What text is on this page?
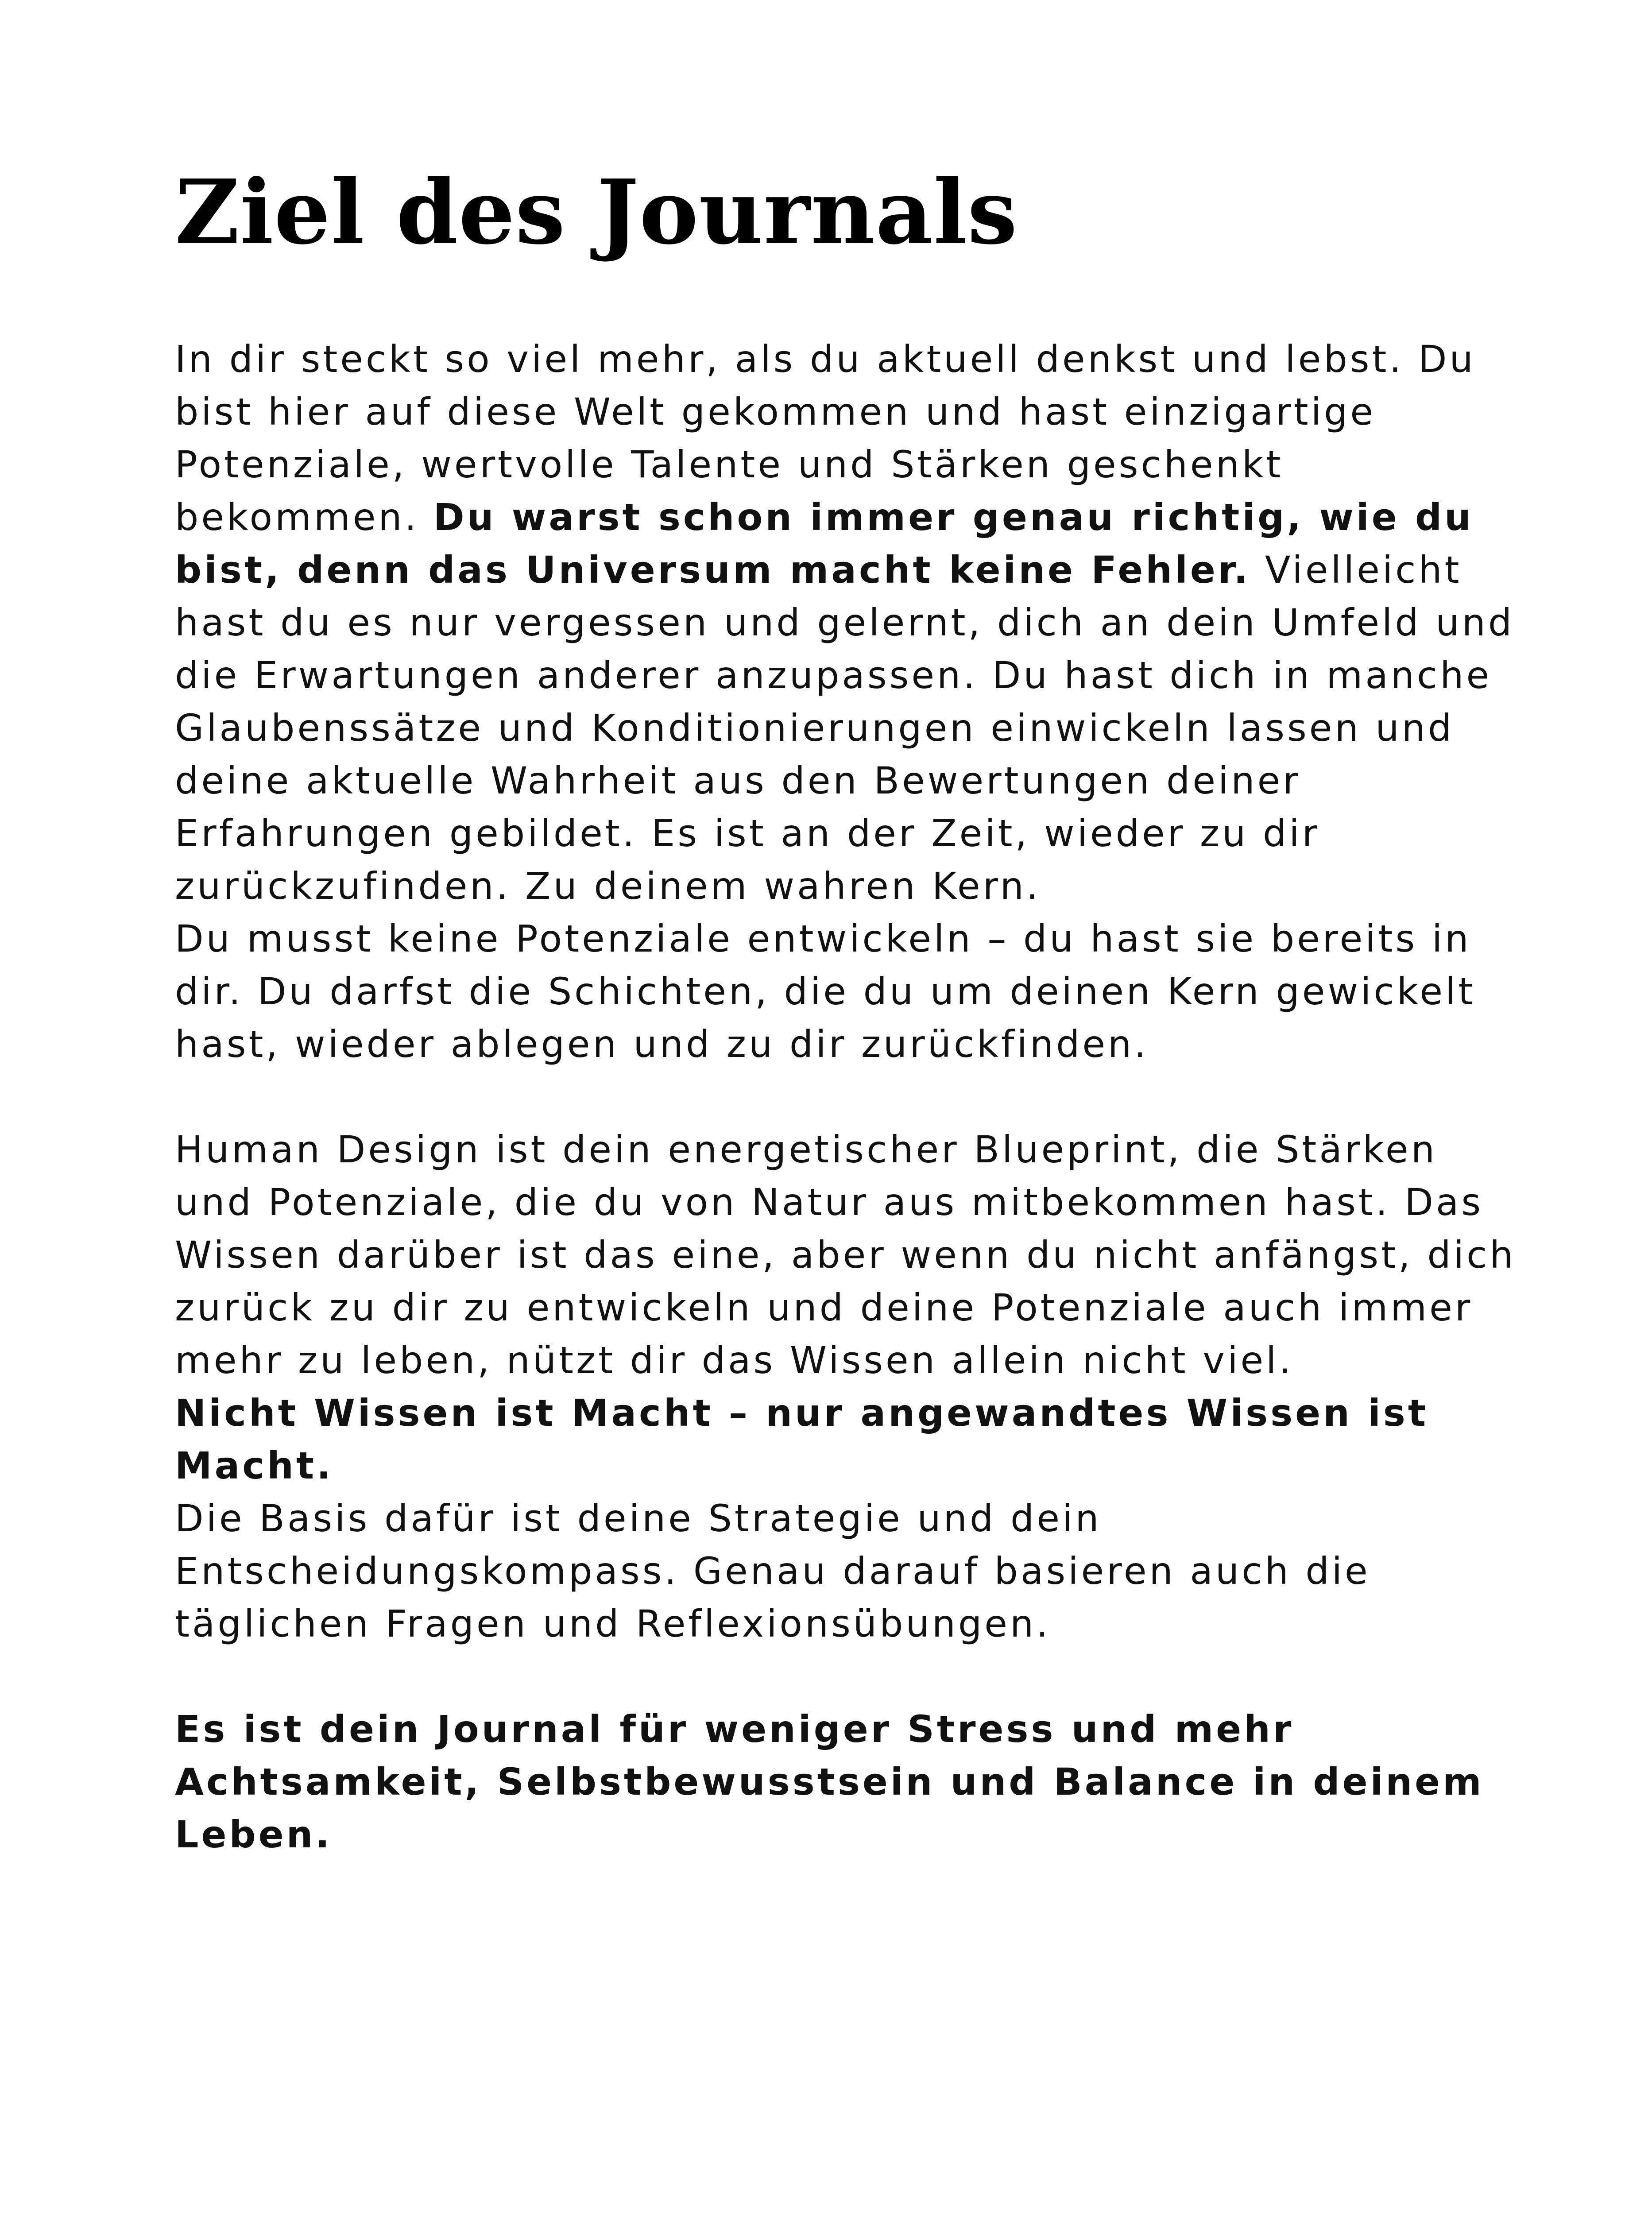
Ziel des Journals

In dir steckt so viel mehr, als du aktuell denkst und lebst. Du bist hier auf diese Welt gekommen und hast einzigartige Potenziale, wertvolle Talente und Stärken geschenkt bekommen. Du warst schon immer genau richtig, wie du bist, denn das Universum macht keine Fehler. Vielleicht hast du es nur vergessen und gelernt, dich an dein Umfeld und die Erwartungen anderer anzupassen. Du hast dich in manche Glaubenssätze und Konditionierungen einwickeln lassen und deine aktuelle Wahrheit aus den Bewertungen deiner Erfahrungen gebildet. Es ist an der Zeit, wieder zu dir zurückzufinden. Zu deinem wahren Kern.

Du musst keine Potenziale entwickeln – du hast sie bereits in dir. Du darfst die Schichten, die du um deinen Kern gewickelt hast, wieder ablegen und zu dir zurückfinden.

Human Design ist dein energetischer Blueprint, die Stärken und Potenziale, die du von Natur aus mitbekommen hast. Das Wissen darüber ist das eine, aber wenn du nicht anfängst, dich zurück zu dir zu entwickeln und deine Potenziale auch immer mehr zu leben, nützt dir das Wissen allein nicht viel.

Nicht Wissen ist Macht – nur angewandtes Wissen ist Macht.

Die Basis dafür ist deine Strategie und dein Entscheidungskompass. Genau darauf basieren auch die täglichen Fragen und Reflexionsübungen.

Es ist dein Journal für weniger Stress und mehr Achtsamkeit, Selbstbewusstsein und Balance in deinem Leben.
